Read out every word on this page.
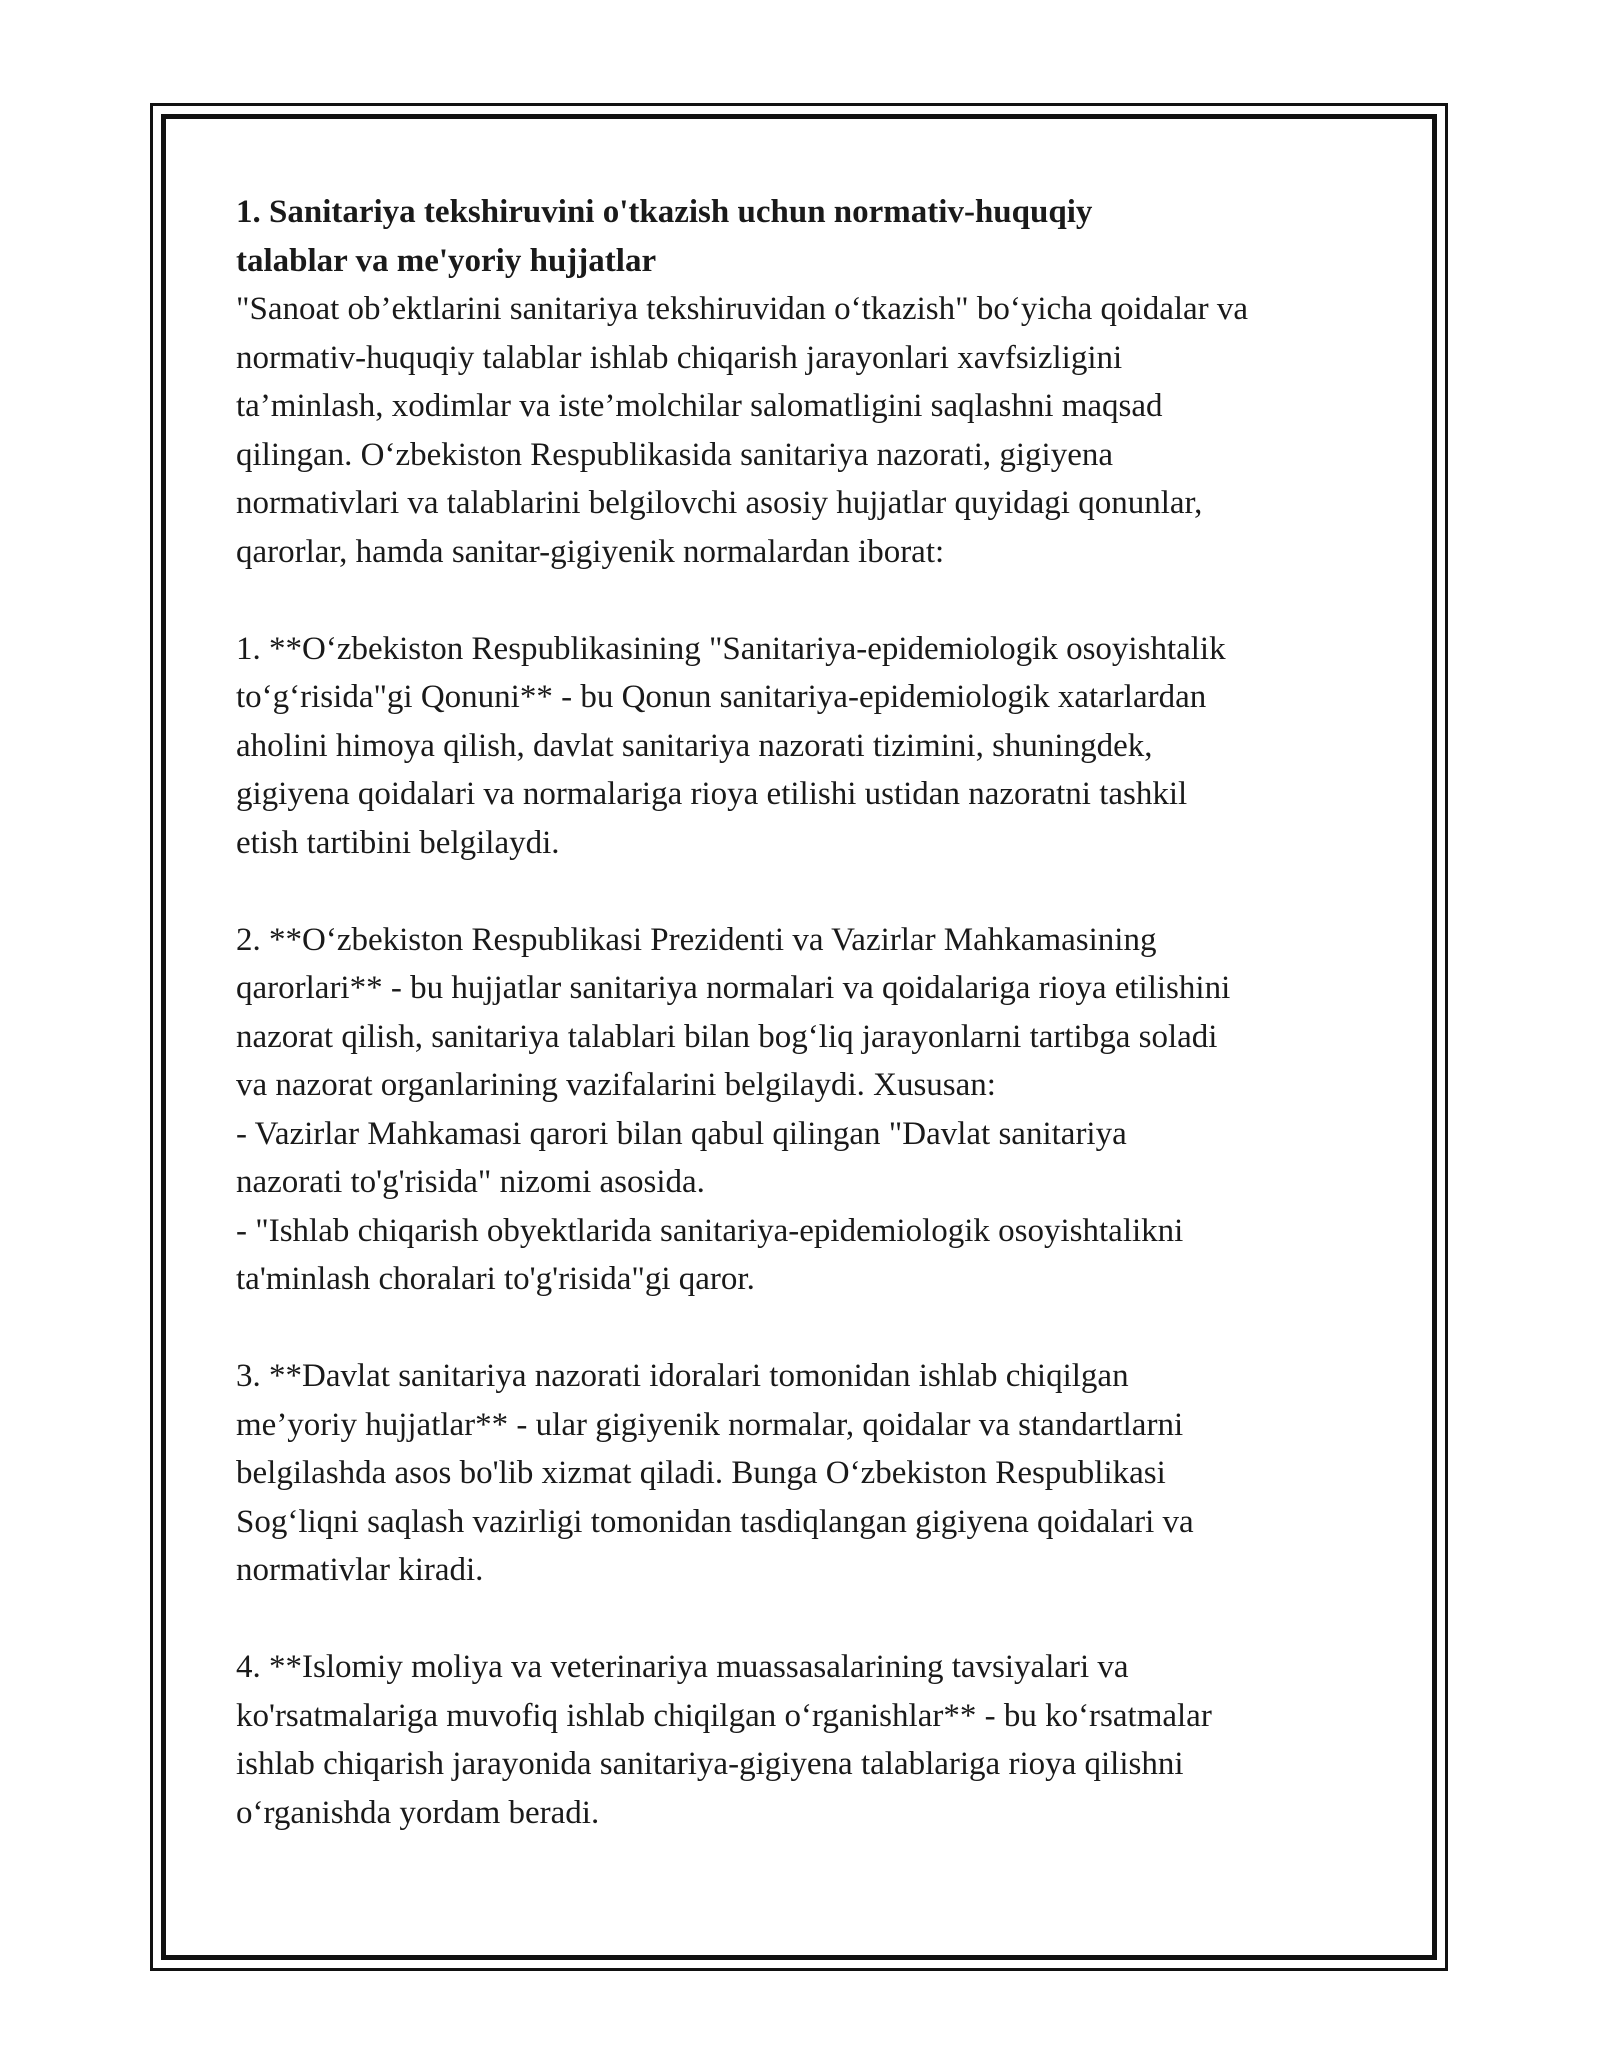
1. Sanitariya tekshiruvini o'tkazish uchun normativ-huquqiy
talablar va me'yoriy hujjatlar

"Sanoat ob’ektlarini sanitariya tekshiruvidan o‘tkazish" bo‘yicha qoidalar va
normativ-huquqiy talablar ishlab chiqarish jarayonlari xavfsizligini
ta’minlash, xodimlar va iste’molchilar salomatligini saqlashni maqsad
qilingan. O‘zbekiston Respublikasida sanitariya nazorati, gigiyena
normativlari va talablarini belgilovchi asosiy hujjatlar quyidagi qonunlar,
qarorlar, hamda sanitar-gigiyenik normalardan iborat:

1. **O‘zbekiston Respublikasining "Sanitariya-epidemiologik osoyishtalik
to‘g‘risida"gi Qonuni** - bu Qonun sanitariya-epidemiologik xatarlardan
aholini himoya qilish, davlat sanitariya nazorati tizimini, shuningdek,
gigiyena qoidalari va normalariga rioya etilishi ustidan nazoratni tashkil
etish tartibini belgilaydi.

2. **O‘zbekiston Respublikasi Prezidenti va Vazirlar Mahkamasining
qarorlari** - bu hujjatlar sanitariya normalari va qoidalariga rioya etilishini
nazorat qilish, sanitariya talablari bilan bog‘liq jarayonlarni tartibga soladi
va nazorat organlarining vazifalarini belgilaydi. Xususan:
- Vazirlar Mahkamasi qarori bilan qabul qilingan "Davlat sanitariya
nazorati to'g'risida" nizomi asosida.
- "Ishlab chiqarish obyektlarida sanitariya-epidemiologik osoyishtalikni
ta'minlash choralari to'g'risida"gi qaror.

3. **Davlat sanitariya nazorati idoralari tomonidan ishlab chiqilgan
me’yoriy hujjatlar** - ular gigiyenik normalar, qoidalar va standartlarni
belgilashda asos bo'lib xizmat qiladi. Bunga O‘zbekiston Respublikasi
Sog‘liqni saqlash vazirligi tomonidan tasdiqlangan gigiyena qoidalari va
normativlar kiradi.

4. **Islomiy moliya va veterinariya muassasalarining tavsiyalari va
ko'rsatmalariga muvofiq ishlab chiqilgan o‘rganishlar** - bu ko‘rsatmalar
ishlab chiqarish jarayonida sanitariya-gigiyena talablariga rioya qilishni
o‘rganishda yordam beradi.
